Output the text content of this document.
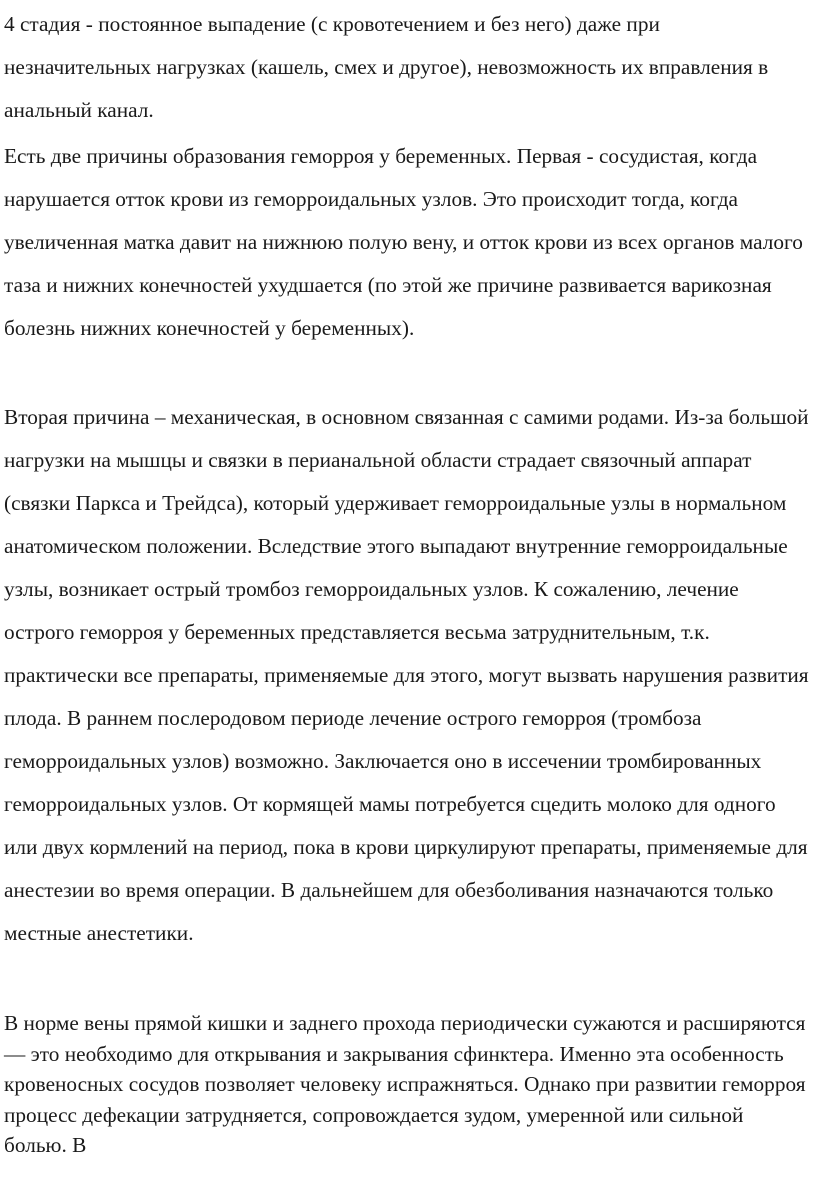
4 стадия - постоянное выпадение (с кровотечением и без него) даже при незначительных нагрузках (кашель, смех и другое), невозможность их вправления в анальный канал.

Есть две причины образования геморроя у беременных. Первая - сосудистая, когда нарушается отток крови из геморроидальных узлов. Это происходит тогда, когда увеличенная матка давит на нижнюю полую вену, и отток крови из всех органов малого таза и нижних конечностей ухудшается (по этой же причине развивается варикозная болезнь нижних конечностей у беременных).

Вторая причина – механическая, в основном связанная с самими родами. Из-за большой нагрузки на мышцы и связки в перианальной области страдает связочный аппарат (связки Паркса и Трейдса), который удерживает геморроидальные узлы в нормальном анатомическом положении. Вследствие этого выпадают внутренние геморроидальные узлы, возникает острый тромбоз геморроидальных узлов. К сожалению, лечение острого геморроя у беременных представляется весьма затруднительным, т.к. практически все препараты, применяемые для этого, могут вызвать нарушения развития плода. В раннем послеродовом периоде лечение острого геморроя (тромбоза геморроидальных узлов) возможно. Заключается оно в иссечении тромбированных геморроидальных узлов. От кормящей мамы потребуется сцедить молоко для одного или двух кормлений на период, пока в крови циркулируют препараты, применяемые для анестезии во время операции. В дальнейшем для обезболивания назначаются только местные анестетики.

В норме вены прямой кишки и заднего прохода периодически сужаются и расширяются — это необходимо для открывания и закрывания сфинктера. Именно эта особенность кровеносных сосудов позволяет человеку испражняться. Однако при развитии геморроя процесс дефекации затрудняется, сопровождается зудом, умеренной или сильной болью. В
